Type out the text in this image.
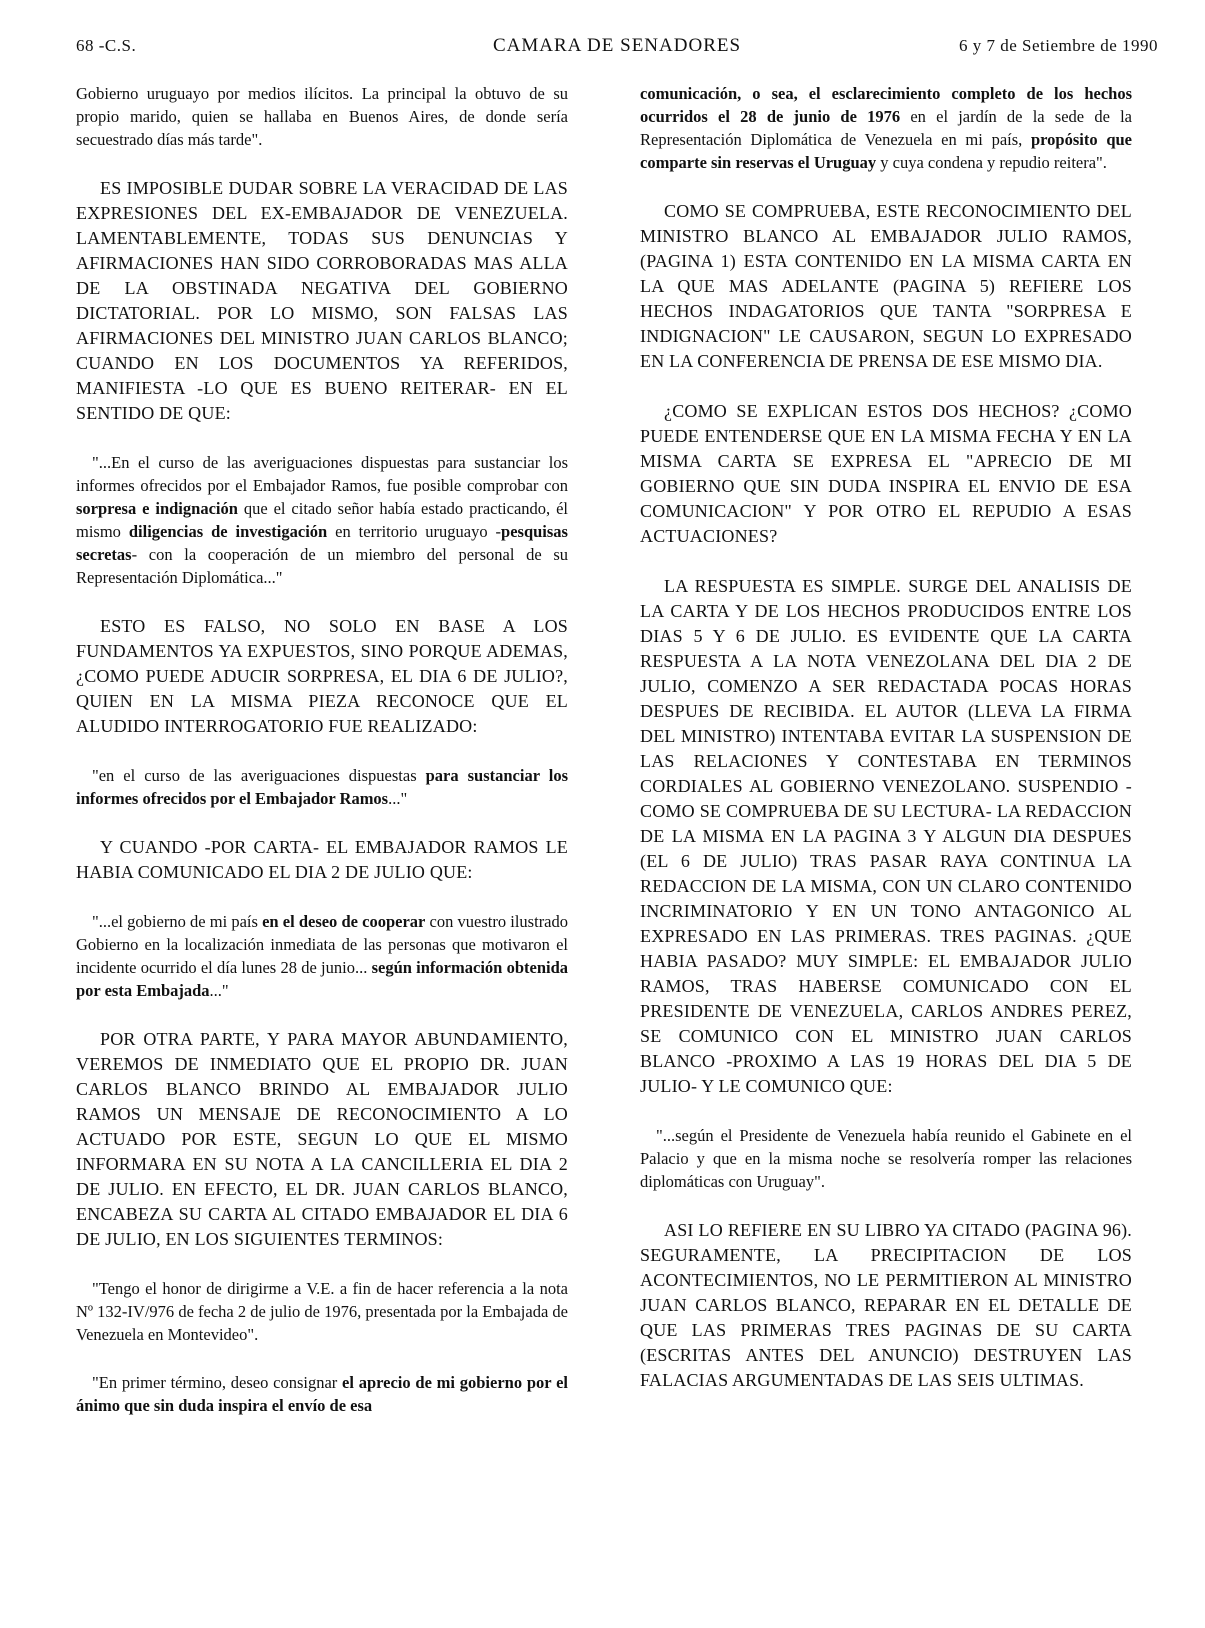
68 -C.S.	CAMARA DE SENADORES	6 y 7 de Setiembre de 1990

Gobierno uruguayo por medios ilícitos. La principal la obtuvo de su propio marido, quien se hallaba en Buenos Aires, de donde sería secuestrado días más tarde".

ES IMPOSIBLE DUDAR SOBRE LA VERACIDAD DE LAS EXPRESIONES DEL EX-EMBAJADOR DE VENEZUELA. LAMENTABLEMENTE, TODAS SUS DENUNCIAS Y AFIRMACIONES HAN SIDO CORROBORADAS MAS ALLA DE LA OBSTINADA NEGATIVA DEL GOBIERNO DICTATORIAL. POR LO MISMO, SON FALSAS LAS AFIRMACIONES DEL MINISTRO JUAN CARLOS BLANCO; CUANDO EN LOS DOCUMENTOS YA REFERIDOS, MANIFIESTA -LO QUE ES BUENO REITERAR- EN EL SENTIDO DE QUE:

"...En el curso de las averiguaciones dispuestas para sustanciar los informes ofrecidos por el Embajador Ramos, fue posible comprobar con sorpresa e indignación que el citado señor había estado practicando, él mismo diligencias de investigación en territorio uruguayo -pesquisas secretas- con la cooperación de un miembro del personal de su Representación Diplomática..."

ESTO ES FALSO, NO SOLO EN BASE A LOS FUNDAMENTOS YA EXPUESTOS, SINO PORQUE ADEMAS, ¿COMO PUEDE ADUCIR SORPRESA, EL DIA 6 DE JULIO?, QUIEN EN LA MISMA PIEZA RECONOCE QUE EL ALUDIDO INTERROGATORIO FUE REALIZADO:

"en el curso de las averiguaciones dispuestas para sustanciar los informes ofrecidos por el Embajador Ramos..."

Y CUANDO -POR CARTA- EL EMBAJADOR RAMOS LE HABIA COMUNICADO EL DIA 2 DE JULIO QUE:

"...el gobierno de mi país en el deseo de cooperar con vuestro ilustrado Gobierno en la localización inmediata de las personas que motivaron el incidente ocurrido el día lunes 28 de junio... según información obtenida por esta Embajada..."

POR OTRA PARTE, Y PARA MAYOR ABUNDAMIENTO, VEREMOS DE INMEDIATO QUE EL PROPIO DR. JUAN CARLOS BLANCO BRINDO AL EMBAJADOR JULIO RAMOS UN MENSAJE DE RECONOCIMIENTO A LO ACTUADO POR ESTE, SEGUN LO QUE EL MISMO INFORMARA EN SU NOTA A LA CANCILLERIA EL DIA 2 DE JULIO. EN EFECTO, EL DR. JUAN CARLOS BLANCO, ENCABEZA SU CARTA AL CITADO EMBAJADOR EL DIA 6 DE JULIO, EN LOS SIGUIENTES TERMINOS:

"Tengo el honor de dirigirme a V.E. a fin de hacer referencia a la nota Nº 132-IV/976 de fecha 2 de julio de 1976, presentada por la Embajada de Venezuela en Montevideo".

"En primer término, deseo consignar el aprecio de mi gobierno por el ánimo que sin duda inspira el envío de esa

comunicación, o sea, el esclarecimiento completo de los hechos ocurridos el 28 de junio de 1976 en el jardín de la sede de la Representación Diplomática de Venezuela en mi país, propósito que comparte sin reservas el Uruguay y cuya condena y repudio reitera".

COMO SE COMPRUEBA, ESTE RECONOCIMIENTO DEL MINISTRO BLANCO AL EMBAJADOR JULIO RAMOS, (PAGINA 1) ESTA CONTENIDO EN LA MISMA CARTA EN LA QUE MAS ADELANTE (PAGINA 5) REFIERE LOS HECHOS INDAGATORIOS QUE TANTA "SORPRESA E INDIGNACION" LE CAUSARON, SEGUN LO EXPRESADO EN LA CONFERENCIA DE PRENSA DE ESE MISMO DIA.

¿COMO SE EXPLICAN ESTOS DOS HECHOS? ¿COMO PUEDE ENTENDERSE QUE EN LA MISMA FECHA Y EN LA MISMA CARTA SE EXPRESA EL "APRECIO DE MI GOBIERNO QUE SIN DUDA INSPIRA EL ENVIO DE ESA COMUNICACION" Y POR OTRO EL REPUDIO A ESAS ACTUACIONES?

LA RESPUESTA ES SIMPLE. SURGE DEL ANALISIS DE LA CARTA Y DE LOS HECHOS PRODUCIDOS ENTRE LOS DIAS 5 Y 6 DE JULIO. ES EVIDENTE QUE LA CARTA RESPUESTA A LA NOTA VENEZOLANA DEL DIA 2 DE JULIO, COMENZO A SER REDACTADA POCAS HORAS DESPUES DE RECIBIDA. EL AUTOR (LLEVA LA FIRMA DEL MINISTRO) INTENTABA EVITAR LA SUSPENSION DE LAS RELACIONES Y CONTESTABA EN TERMINOS CORDIALES AL GOBIERNO VENEZOLANO. SUSPENDIO -COMO SE COMPRUEBA DE SU LECTURA- LA REDACCION DE LA MISMA EN LA PAGINA 3 Y ALGUN DIA DESPUES (EL 6 DE JULIO) TRAS PASAR RAYA CONTINUA LA REDACCION DE LA MISMA, CON UN CLARO CONTENIDO INCRIMINATORIO Y EN UN TONO ANTAGONICO AL EXPRESADO EN LAS PRIMERAS. TRES PAGINAS. ¿QUE HABIA PASADO? MUY SIMPLE: EL EMBAJADOR JULIO RAMOS, TRAS HABERSE COMUNICADO CON EL PRESIDENTE DE VENEZUELA, CARLOS ANDRES PEREZ, SE COMUNICO CON EL MINISTRO JUAN CARLOS BLANCO -PROXIMO A LAS 19 HORAS DEL DIA 5 DE JULIO- Y LE COMUNICO QUE:

"...según el Presidente de Venezuela había reunido el Gabinete en el Palacio y que en la misma noche se resolvería romper las relaciones diplomáticas con Uruguay".

ASI LO REFIERE EN SU LIBRO YA CITADO (PAGINA 96). SEGURAMENTE, LA PRECIPITACION DE LOS ACONTECIMIENTOS, NO LE PERMITIERON AL MINISTRO JUAN CARLOS BLANCO, REPARAR EN EL DETALLE DE QUE LAS PRIMERAS TRES PAGINAS DE SU CARTA (ESCRITAS ANTES DEL ANUNCIO) DESTRUYEN LAS FALACIAS ARGUMENTADAS DE LAS SEIS ULTIMAS.
